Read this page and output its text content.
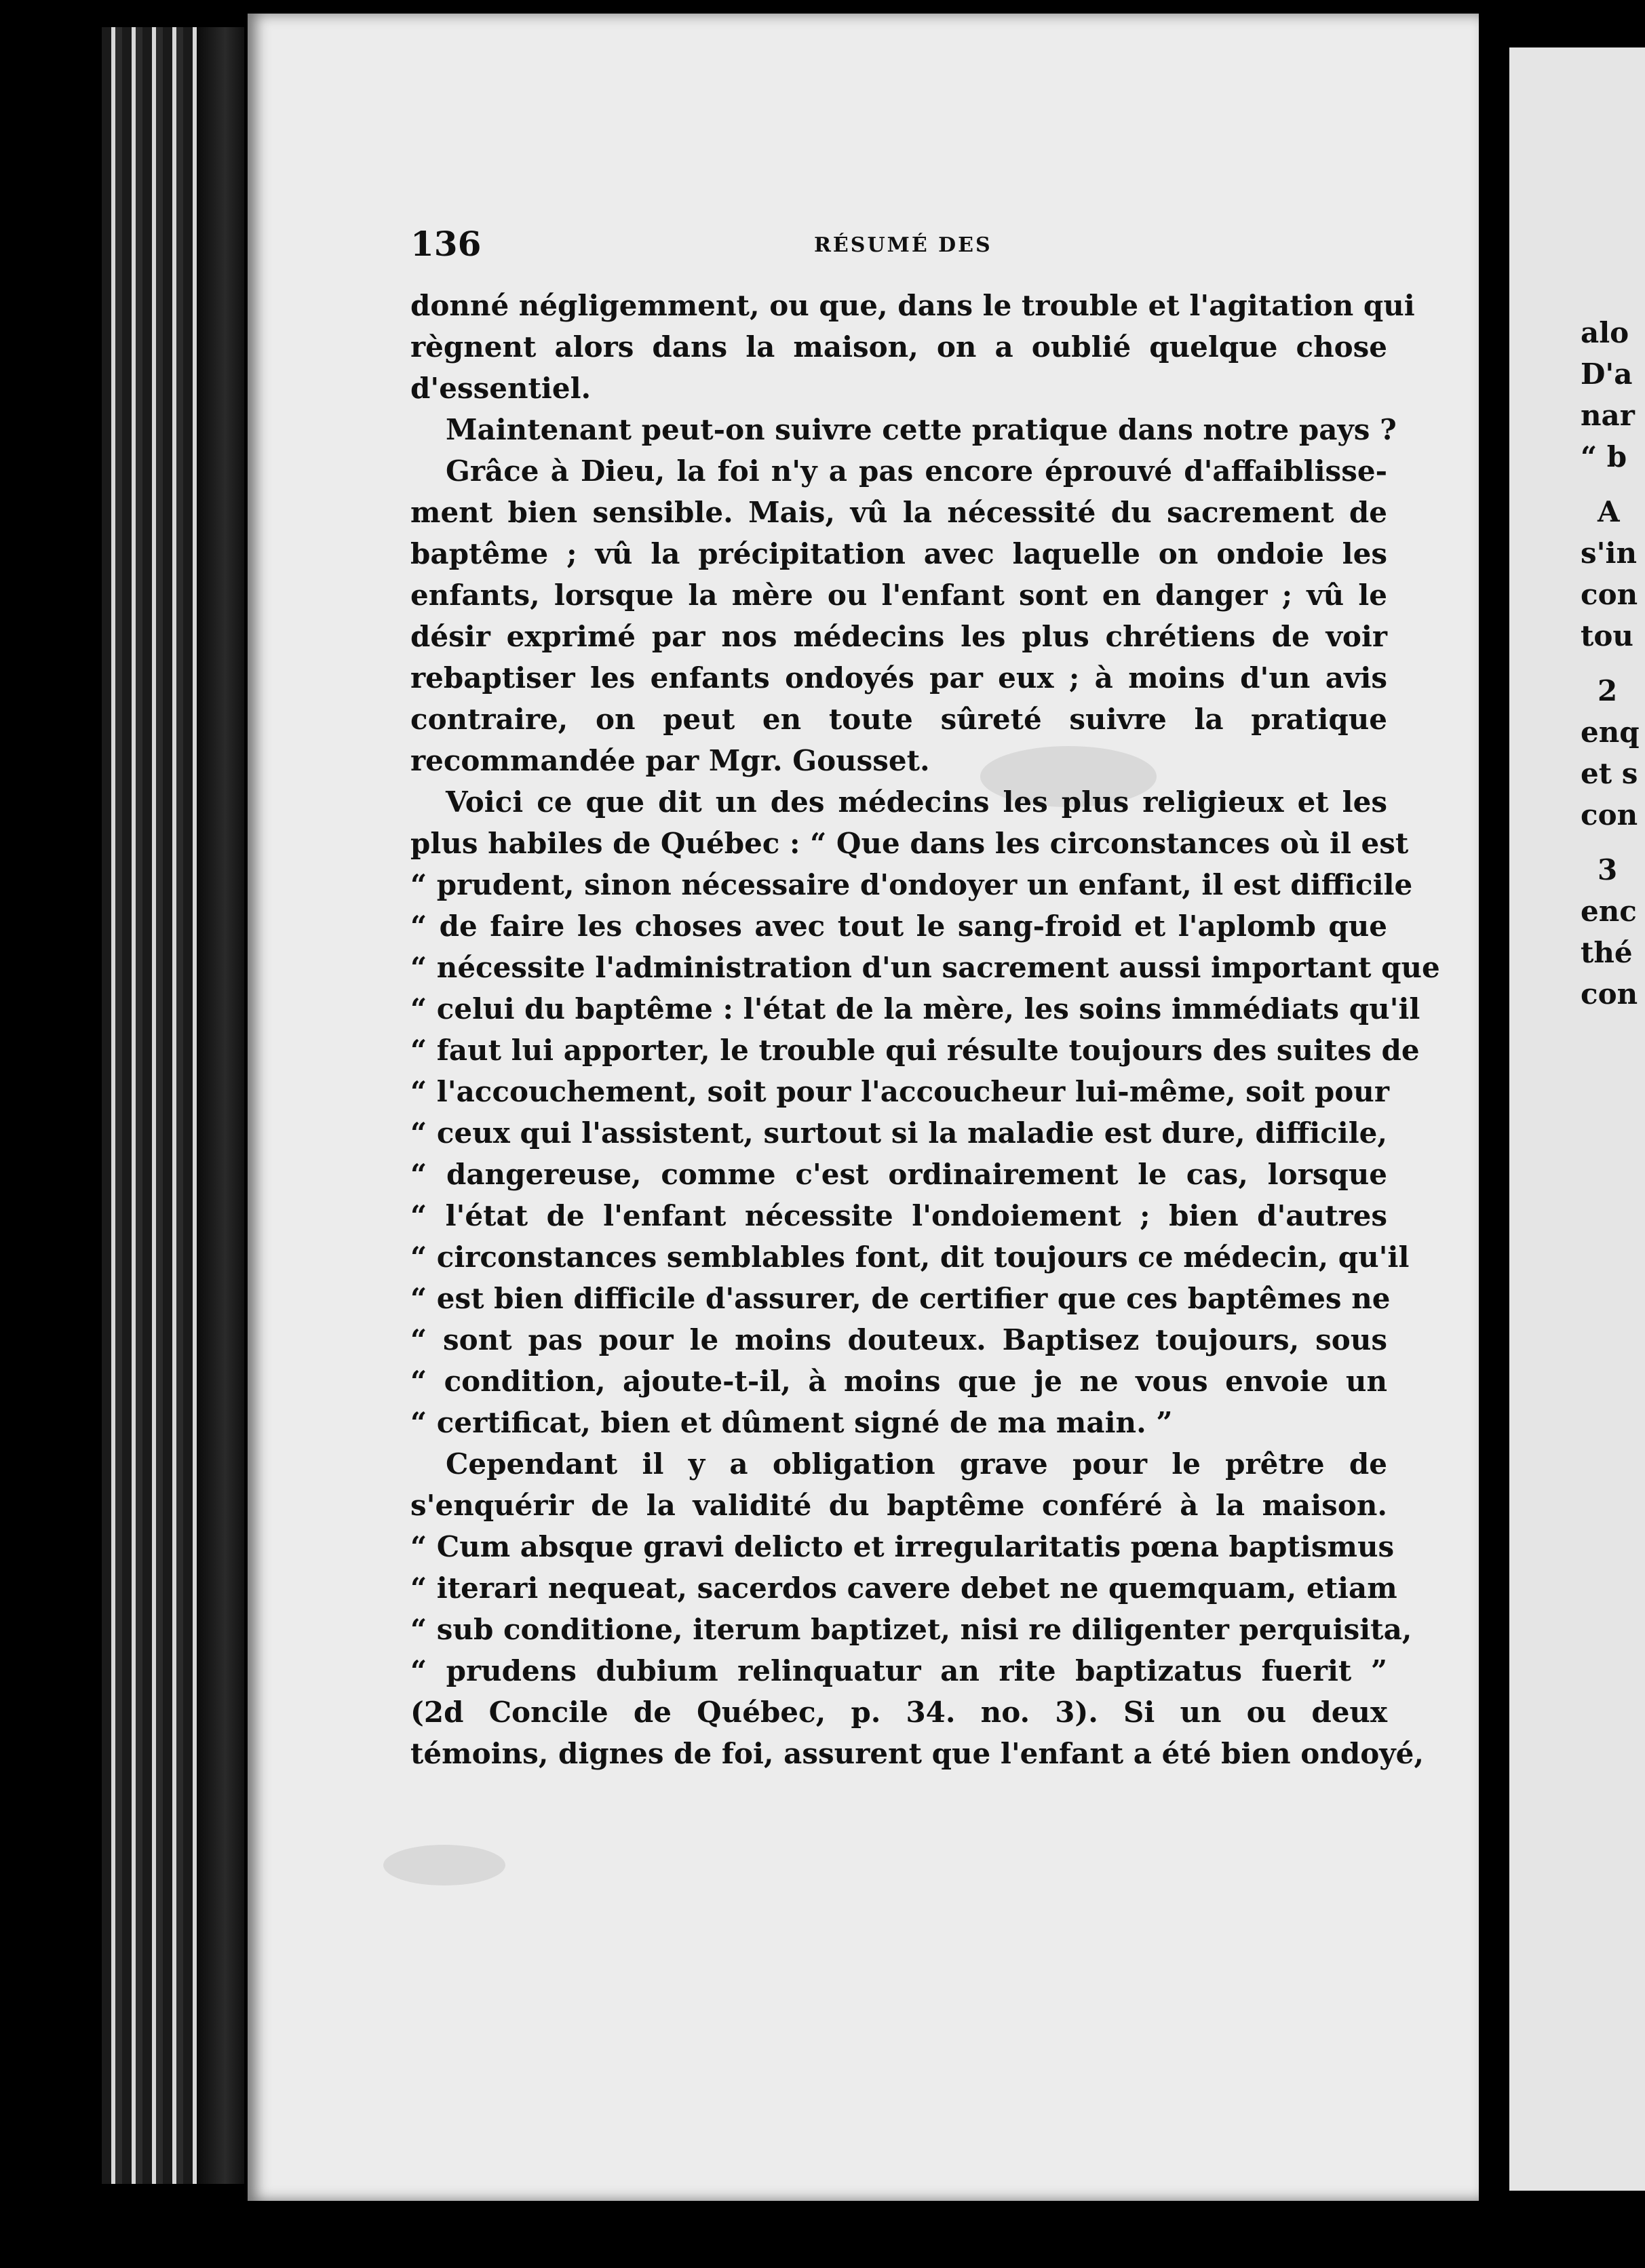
alo
D'a
nar
“ b
A
s'in
con
tou
2
enq
et s
con
3
enc
thé
con
136	RÉSUMÉ DES
donné négligemment, ou que, dans le trouble et l'agitation qui
règnent alors dans la maison, on a oublié quelque chose
d'essentiel.
Maintenant peut-on suivre cette pratique dans notre pays ?
Grâce à Dieu, la foi n'y a pas encore éprouvé d'affaiblisse-
ment bien sensible. Mais, vû la nécessité du sacrement de
baptême ; vû la précipitation avec laquelle on ondoie les
enfants, lorsque la mère ou l'enfant sont en danger ; vû le
désir exprimé par nos médecins les plus chrétiens de voir
rebaptiser les enfants ondoyés par eux ; à moins d'un avis
contraire, on peut en toute sûreté suivre la pratique
recommandée par Mgr. Gousset.
Voici ce que dit un des médecins les plus religieux et les
plus habiles de Québec : “ Que dans les circonstances où il est
“ prudent, sinon nécessaire d'ondoyer un enfant, il est difficile
“ de faire les choses avec tout le sang-froid et l'aplomb que
“ nécessite l'administration d'un sacrement aussi important que
“ celui du baptême : l'état de la mère, les soins immédiats qu'il
“ faut lui apporter, le trouble qui résulte toujours des suites de
“ l'accouchement, soit pour l'accoucheur lui-même, soit pour
“ ceux qui l'assistent, surtout si la maladie est dure, difficile,
“ dangereuse, comme c'est ordinairement le cas, lorsque
“ l'état de l'enfant nécessite l'ondoiement ; bien d'autres
“ circonstances semblables font, dit toujours ce médecin, qu'il
“ est bien difficile d'assurer, de certifier que ces baptêmes ne
“ sont pas pour le moins douteux. Baptisez toujours, sous
“ condition, ajoute-t-il, à moins que je ne vous envoie un
“ certificat, bien et dûment signé de ma main. ”
Cependant il y a obligation grave pour le prêtre de
s'enquérir de la validité du baptême conféré à la maison.
“ Cum absque gravi delicto et irregularitatis pœna baptismus
“ iterari nequeat, sacerdos cavere debet ne quemquam, etiam
“ sub conditione, iterum baptizet, nisi re diligenter perquisita,
“ prudens dubium relinquatur an rite baptizatus fuerit ”
(2d Concile de Québec, p. 34. no. 3). Si un ou deux
témoins, dignes de foi, assurent que l'enfant a été bien ondoyé,
